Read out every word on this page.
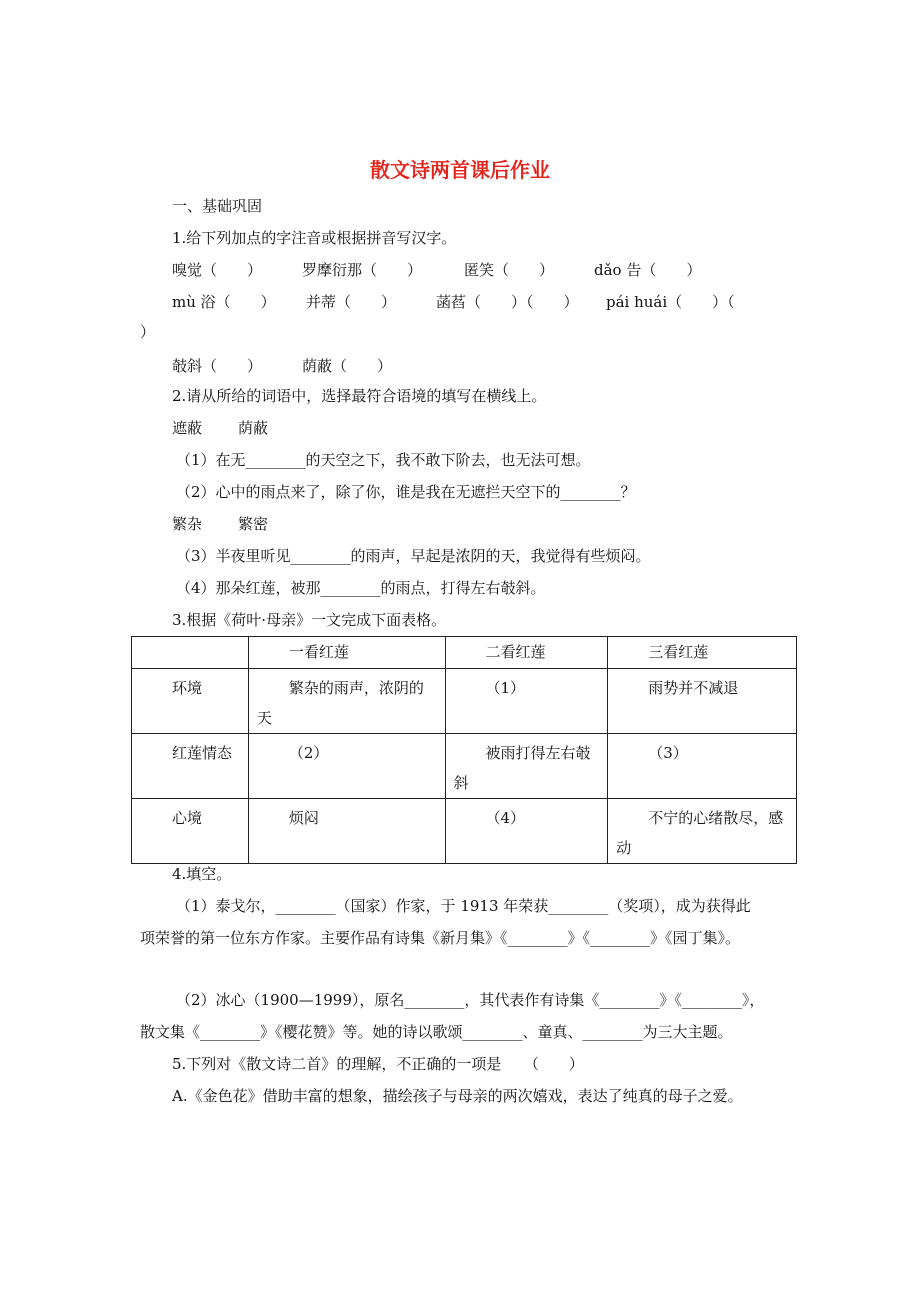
散文诗两首课后作业
一、基础巩固
1.给下列加点的字注音或根据拼音写汉字。
嗅觉（　　）	罗摩衍那（　　）	匿笑（　　）	dǎo 告（　　）
mù 浴（　　） 并蒂（　　）	菡萏（　　）（　　） pái huái（　　）（
）
攲斜（　　）	荫蔽（　　）
2.请从所给的词语中，选择最符合语境的填写在横线上。
遮蔽 荫蔽
（1）在无________的天空之下，我不敢下阶去，也无法可想。
（2）心中的雨点来了，除了你，谁是我在无遮拦天空下的________？
繁杂 繁密
（3）半夜里听见________的雨声，早起是浓阴的天，我觉得有些烦闷。
（4）那朵红莲，被那________的雨点，打得左右攲斜。
3.根据《荷叶·母亲》一文完成下面表格。
	一看红莲	二看红莲	三看红莲
环境	繁杂的雨声，浓阴的天	（1）	雨势并不减退
红莲情态	（2）	被雨打得左右攲斜	（3）
心境	烦闷	（4）	不宁的心绪散尽，感动
4.填空。
（1）泰戈尔，________（国家）作家，于 1913 年荣获________（奖项），成为获得此
项荣誉的第一位东方作家。主要作品有诗集《新月集》《________》《________》《园丁集》。
（2）冰心（1900—1999），原名________，其代表作有诗集《________》《________》，
散文集《________》《樱花赞》等。她的诗以歌颂________、童真、________为三大主题。
5.下列对《散文诗二首》的理解，不正确的一项是　　（　　）
A.《金色花》借助丰富的想象，描绘孩子与母亲的两次嬉戏，表达了纯真的母子之爱。
